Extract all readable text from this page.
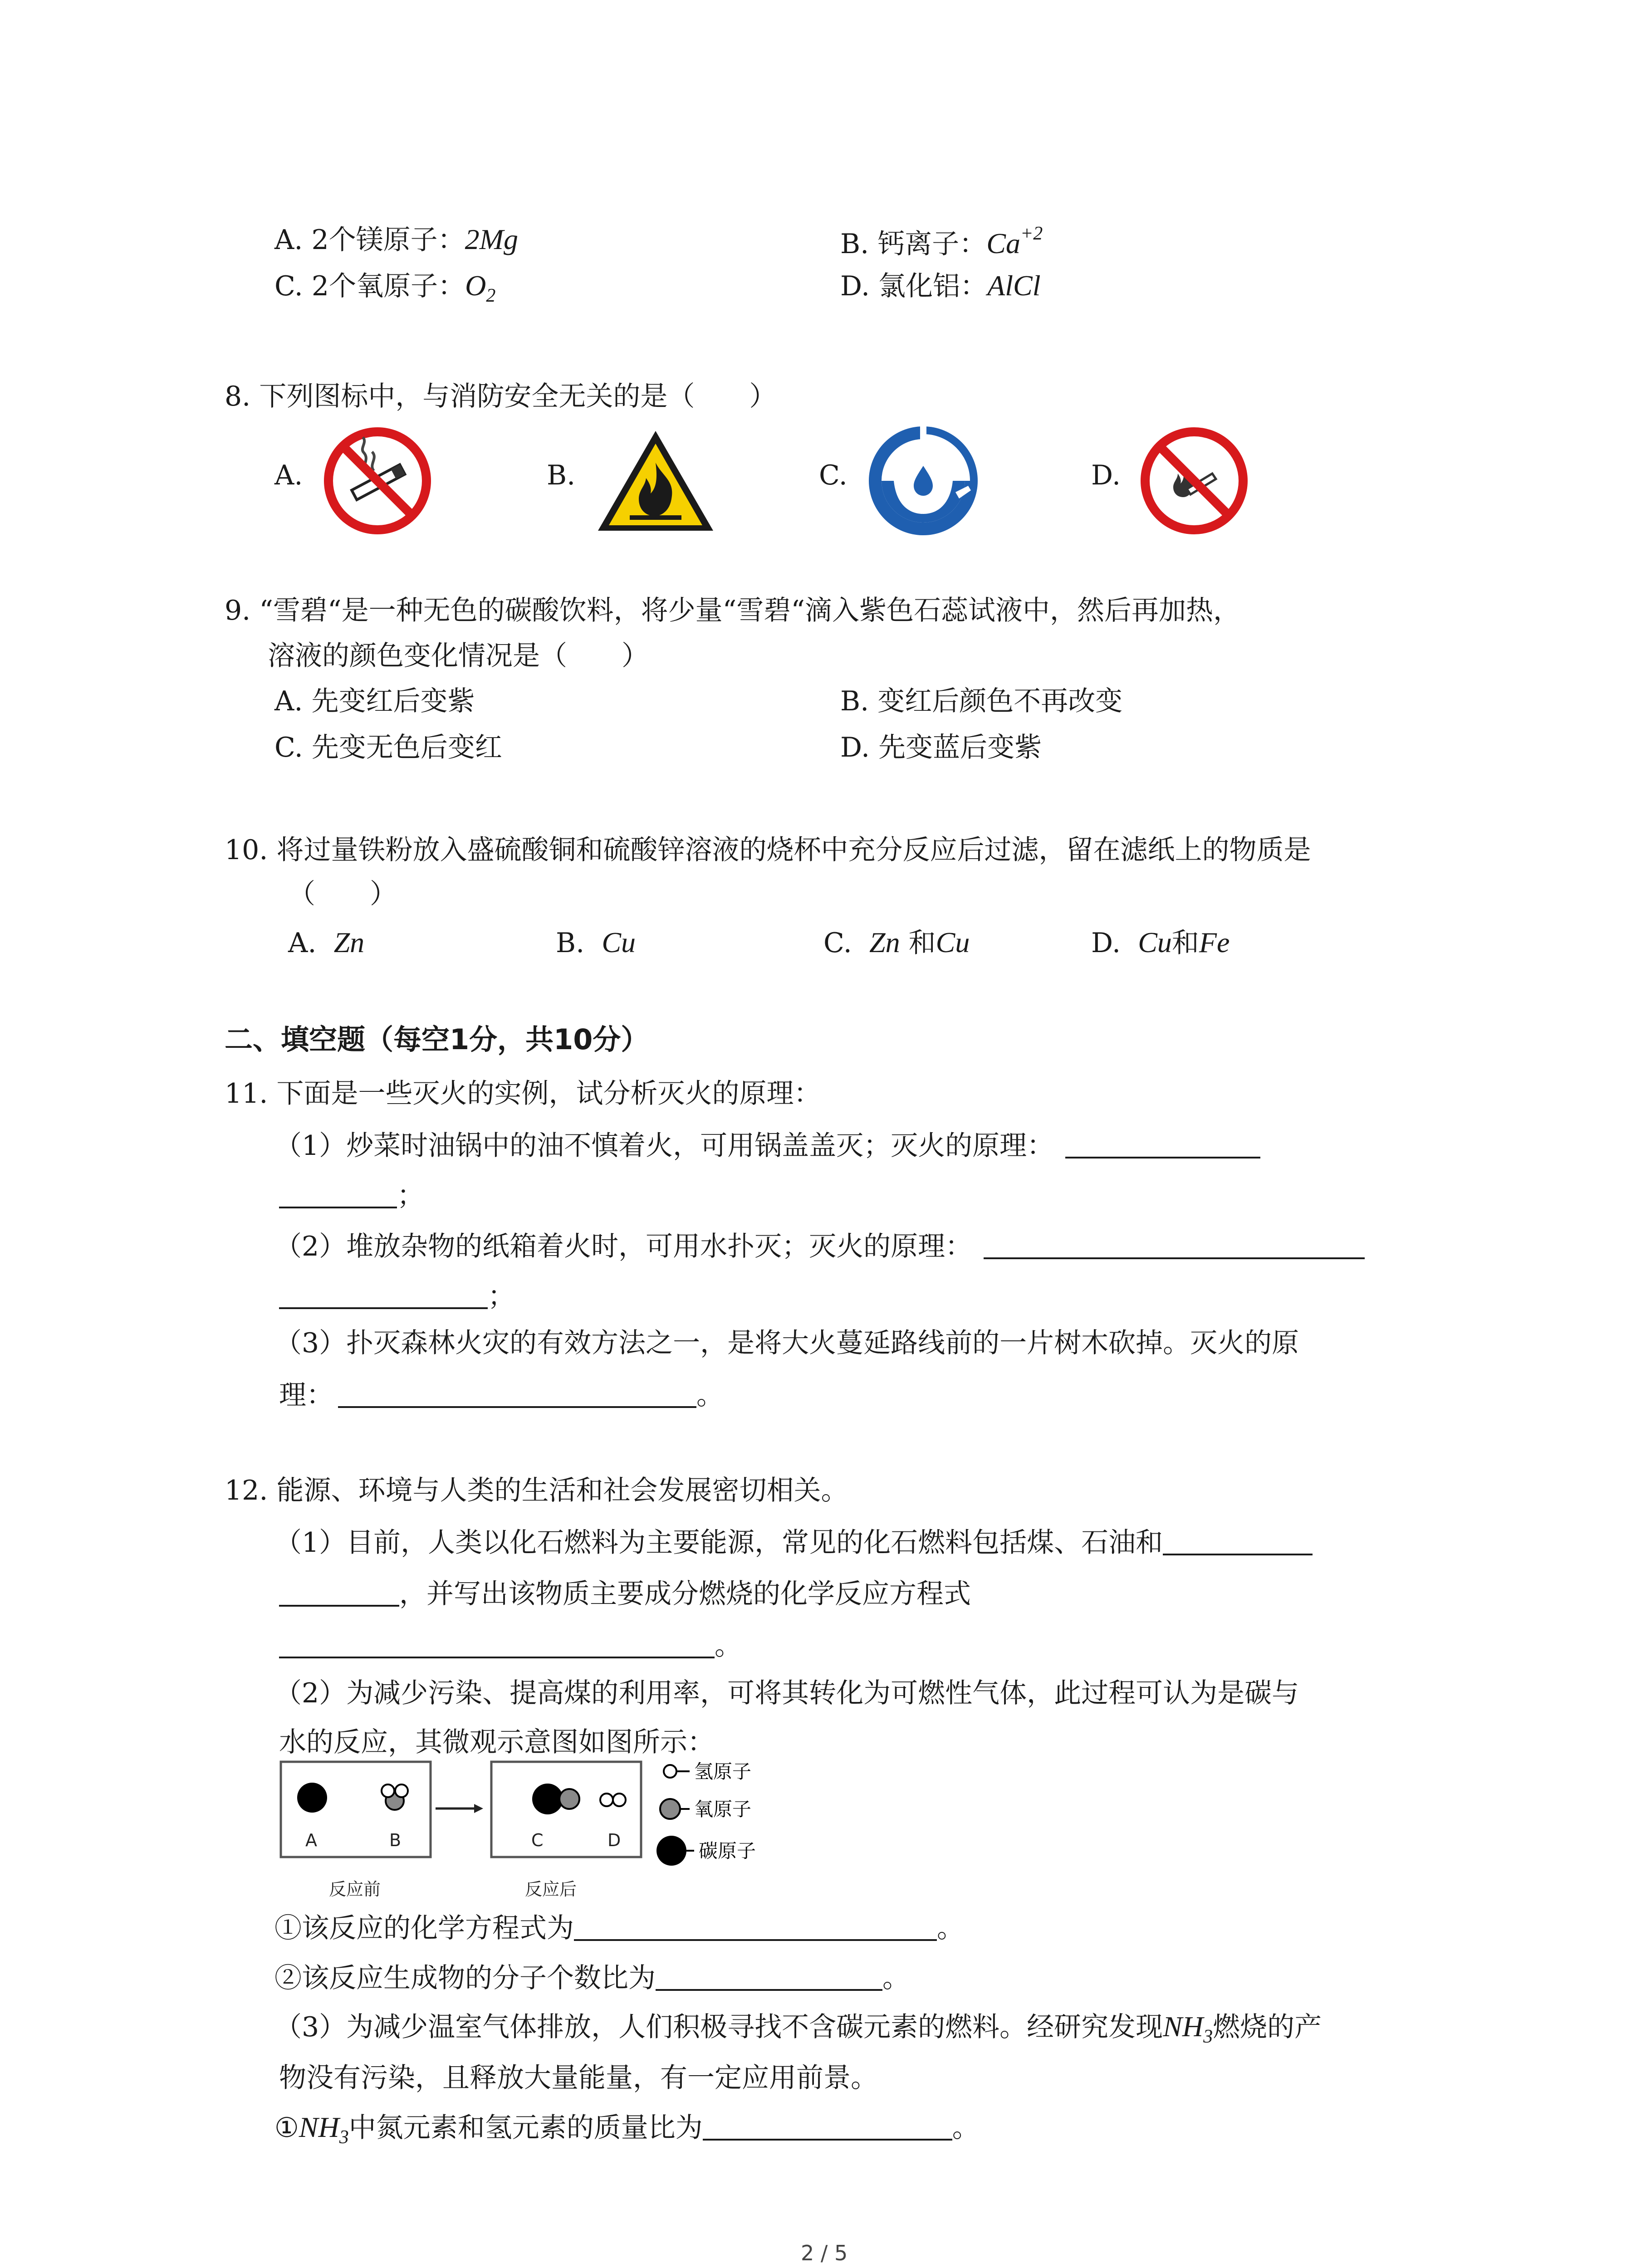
A. 2个镁原子：2Mg	B. 钙离子：$Ca^{+2}$
C. 2个氧原子：$O_2$	D. 氯化铝：AlCl
8. 下列图标中，与消防安全无关的是（　　）
A.	B.	C.	D.
9. “雪碧“是一种无色的碳酸饮料，将少量“雪碧“滴入紫色石蕊试液中，然后再加热，
溶液的颜色变化情况是（　　）
A. 先变红后变紫	B. 变红后颜色不再改变
C. 先变无色后变红	D. 先变蓝后变紫
10. 将过量铁粉放入盛硫酸铜和硫酸锌溶液的烧杯中充分反应后过滤，留在滤纸上的物质是
（　　）
A. Zn	B. Cu	C. Zn 和Cu	D. Cu和Fe
二、填空题（每空1分，共10分）
11. 下面是一些灭火的实例，试分析灭火的原理：
（1）炒菜时油锅中的油不慎着火，可用锅盖盖灭；灭火的原理：
；
（2）堆放杂物的纸箱着火时，可用水扑灭；灭火的原理：
；
（3）扑灭森林火灾的有效方法之一，是将大火蔓延路线前的一片树木砍掉。灭火的原
理：	。
12. 能源、环境与人类的生活和社会发展密切相关。
（1）目前，人类以化石燃料为主要能源，常见的化石燃料包括煤、石油和
，并写出该物质主要成分燃烧的化学反应方程式
。
（2）为减少污染、提高煤的利用率，可将其转化为可燃性气体，此过程可认为是碳与
水的反应，其微观示意图如图所示：
A	B	C	D
反应前	反应后
氢原子
氧原子
碳原子
①该反应的化学方程式为	。
②该反应生成物的分子个数比为	。
（3）为减少温室气体排放，人们积极寻找不含碳元素的燃料。经研究发现$NH_3$燃烧的产
物没有污染，且释放大量能量，有一定应用前景。
$①NH_3$中氮元素和氢元素的质量比为	。
2 / 5
